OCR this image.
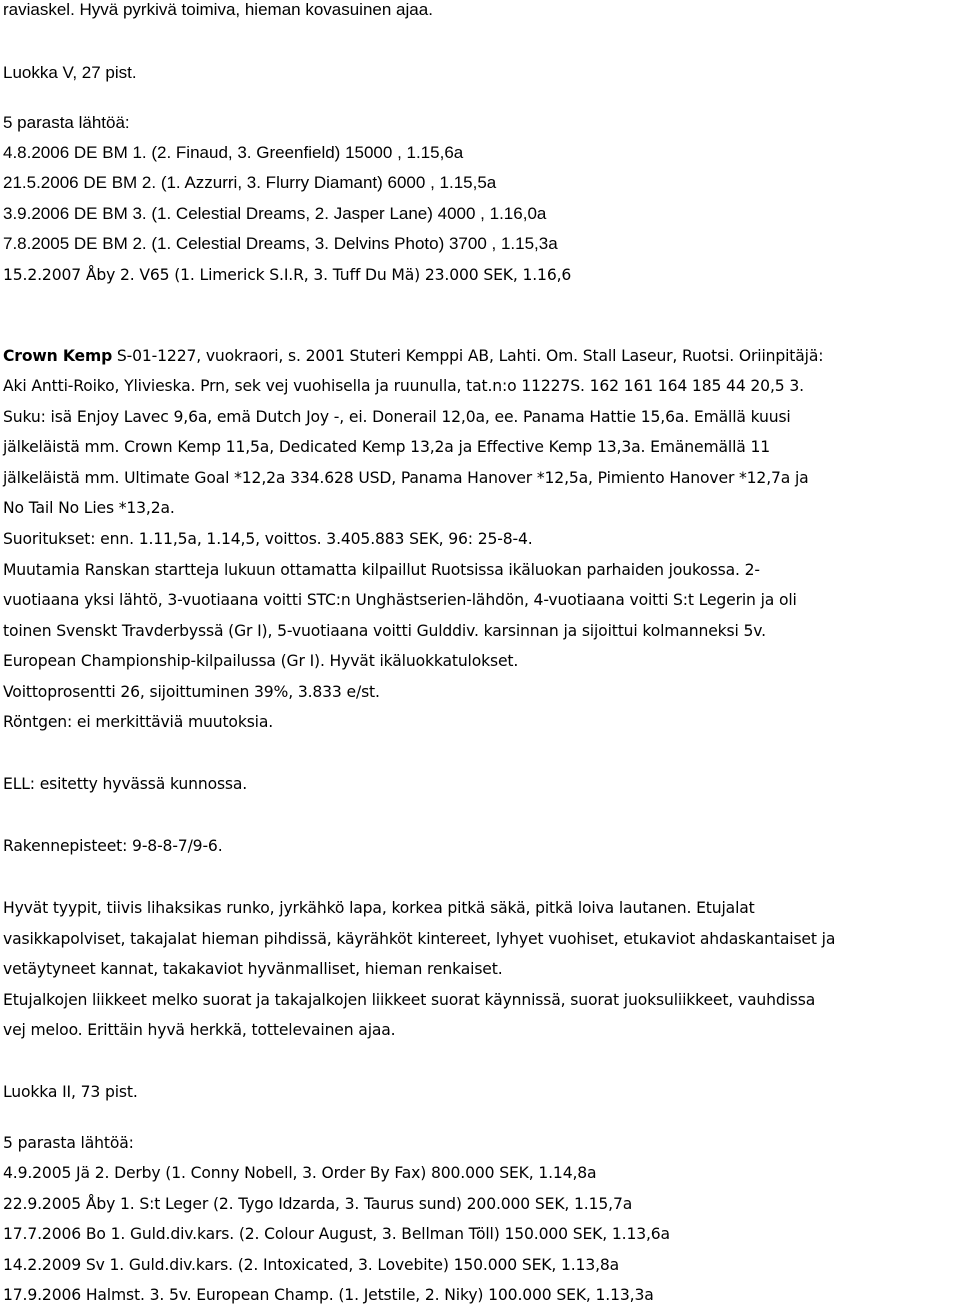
raviaskel. Hyvä pyrkivä toimiva, hieman kovasuinen ajaa.
Luokka V, 27 pist.
5 parasta lähtöä:
4.8.2006 DE BM 1. (2. Finaud, 3. Greenfield) 15000 , 1.15,6a
21.5.2006 DE BM 2. (1. Azzurri, 3. Flurry Diamant) 6000 , 1.15,5a
3.9.2006 DE BM 3. (1. Celestial Dreams, 2. Jasper Lane) 4000 , 1.16,0a
7.8.2005 DE BM 2. (1. Celestial Dreams, 3. Delvins Photo) 3700 , 1.15,3a
15.2.2007 Åby 2. V65 (1. Limerick S.I.R, 3. Tuff Du Mä) 23.000 SEK, 1.16,6
Crown Kemp S-01-1227, vuokraori, s. 2001 Stuteri Kemppi AB, Lahti. Om. Stall Laseur, Ruotsi. Oriinpitäjä:
Aki Antti-Roiko, Ylivieska. Prn, sek vej vuohisella ja ruunulla, tat.n:o 11227S. 162 161 164 185 44 20,5 3.
Suku: isä Enjoy Lavec 9,6a, emä Dutch Joy -, ei. Donerail 12,0a, ee. Panama Hattie 15,6a. Emällä kuusi
jälkeläistä mm. Crown Kemp 11,5a, Dedicated Kemp 13,2a ja Effective Kemp 13,3a. Emänemällä 11
jälkeläistä mm. Ultimate Goal *12,2a 334.628 USD, Panama Hanover *12,5a, Pimiento Hanover *12,7a ja
No Tail No Lies *13,2a.
Suoritukset: enn. 1.11,5a, 1.14,5, voittos. 3.405.883 SEK, 96: 25-8-4.
Muutamia Ranskan startteja lukuun ottamatta kilpaillut Ruotsissa ikäluokan parhaiden joukossa. 2-
vuotiaana yksi lähtö, 3-vuotiaana voitti STC:n Unghästserien-lähdön, 4-vuotiaana voitti S:t Legerin ja oli
toinen Svenskt Travderbyssä (Gr I), 5-vuotiaana voitti Gulddiv. karsinnan ja sijoittui kolmanneksi 5v.
European Championship-kilpailussa (Gr I). Hyvät ikäluokkatulokset.
Voittoprosentti 26, sijoittuminen 39%, 3.833 e/st.
Röntgen: ei merkittäviä muutoksia.
ELL: esitetty hyvässä kunnossa.
Rakennepisteet: 9-8-8-7/9-6.
Hyvät tyypit, tiivis lihaksikas runko, jyrkähkö lapa, korkea pitkä säkä, pitkä loiva lautanen. Etujalat
vasikkapolviset, takajalat hieman pihdissä, käyrähköt kintereet, lyhyet vuohiset, etukaviot ahdaskantaiset ja
vetäytyneet kannat, takakaviot hyvänmalliset, hieman renkaiset.
Etujalkojen liikkeet melko suorat ja takajalkojen liikkeet suorat käynnissä, suorat juoksuliikkeet, vauhdissa
vej meloo. Erittäin hyvä herkkä, tottelevainen ajaa.
Luokka II, 73 pist.
5 parasta lähtöä:
4.9.2005 Jä 2. Derby (1. Conny Nobell, 3. Order By Fax) 800.000 SEK, 1.14,8a
22.9.2005 Åby 1. S:t Leger (2. Tygo Idzarda, 3. Taurus sund) 200.000 SEK, 1.15,7a
17.7.2006 Bo 1. Guld.div.kars. (2. Colour August, 3. Bellman Töll) 150.000 SEK, 1.13,6a
14.2.2009 Sv 1. Guld.div.kars. (2. Intoxicated, 3. Lovebite) 150.000 SEK, 1.13,8a
17.9.2006 Halmst. 3. 5v. European Champ. (1. Jetstile, 2. Niky) 100.000 SEK, 1.13,3a
